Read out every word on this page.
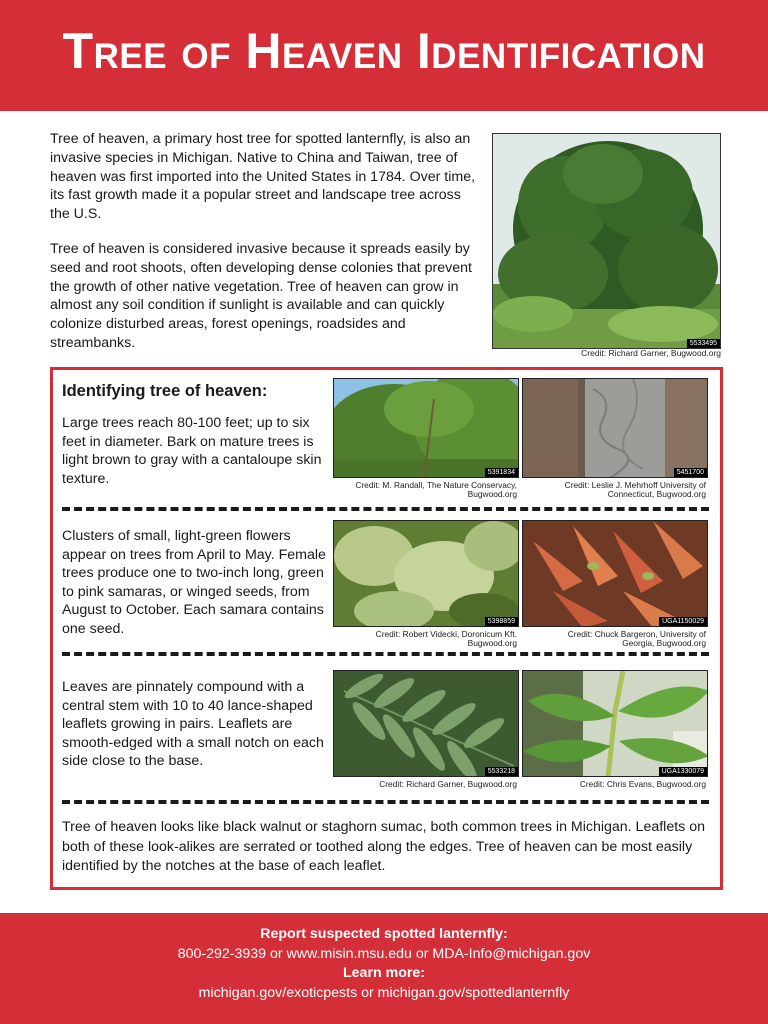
Tree of Heaven Identification

Tree of heaven, a primary host tree for spotted lanternfly, is also an invasive species in Michigan. Native to China and Taiwan, tree of heaven was first imported into the United States in 1784. Over time, its fast growth made it a popular street and landscape tree across the U.S.

Tree of heaven is considered invasive because it spreads easily by seed and root shoots, often developing dense colonies that prevent the growth of other native vegetation. Tree of heaven can grow in almost any soil condition if sunlight is available and can quickly colonize disturbed areas, forest openings, roadsides and streambanks.	5533495
Credit: Richard Garner, Bugwood.org
Identifying tree of heaven:
Large trees reach 80-100 feet; up to six feet in diameter. Bark on mature trees is light brown to gray with a cantaloupe skin texture.	5391834
Credit: M. Randall, The Nature Conservacy,
Bugwood.org
5451700
Credit: Leslie J. Mehrhoff University of
Connecticut, Bugwood.org
Clusters of small, light-green flowers appear on trees from April to May. Female trees produce one to two-inch long, green to pink samaras, or winged seeds, from August to October. Each samara contains one seed.	5398859
Credit: Robert Videcki, Doronicum Kft.
Bugwood.org
UGA1150029
Credit: Chuck Bargeron, University of
Georgia, Bugwood.org
Leaves are pinnately compound with a central stem with 10 to 40 lance-shaped leaflets growing in pairs. Leaflets are smooth-edged with a small notch on each side close to the base.
5533218
Credit: Richard Garner, Bugwood.org
UGA1330079
Credit: Chris Evans, Bugwood.org
Tree of heaven looks like black walnut or staghorn sumac, both common trees in Michigan. Leaflets on both of these look-alikes are serrated or toothed along the edges. Tree of heaven can be most easily identified by the notches at the base of each leaflet.
Report suspected spotted lanternfly:
800-292-3939 or www.misin.msu.edu or MDA-Info@michigan.gov
Learn more:
michigan.gov/exoticpests or michigan.gov/spottedlanternfly
